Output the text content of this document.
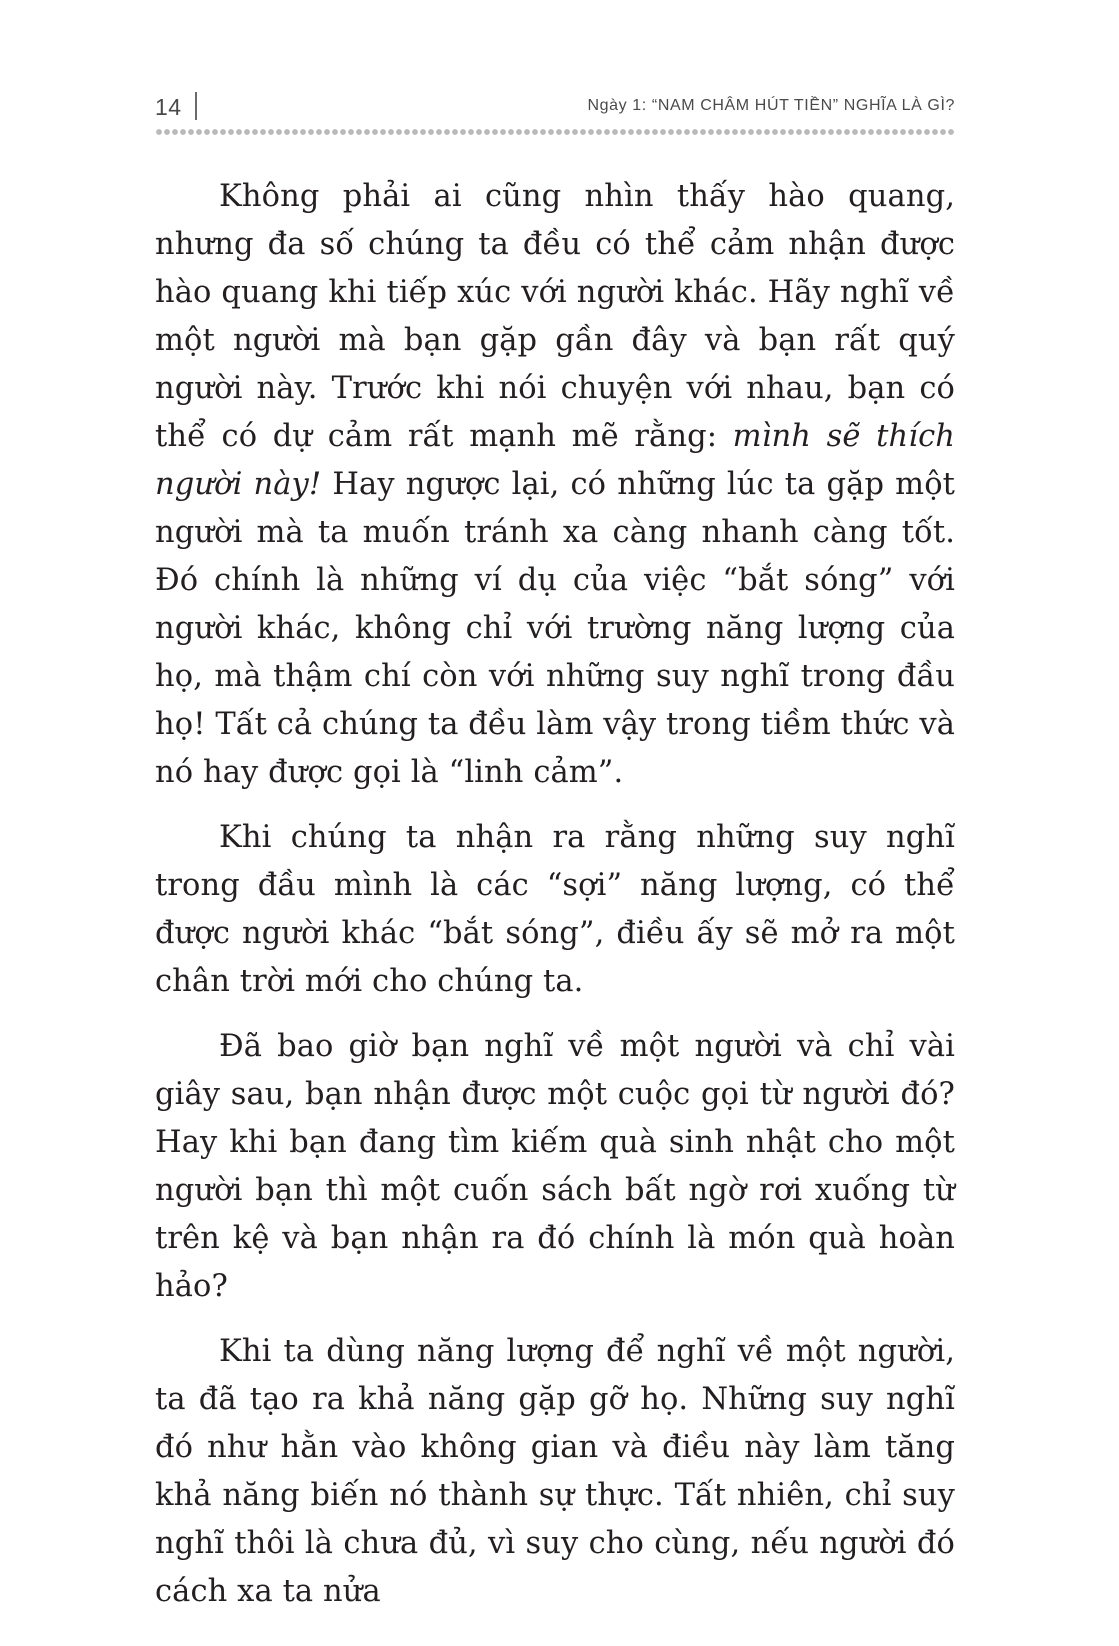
14	Ngày 1: “NAM CHÂM HÚT TIỀN” NGHĨA LÀ GÌ?

Không phải ai cũng nhìn thấy hào quang, nhưng đa số chúng ta đều có thể cảm nhận được hào quang khi tiếp xúc với người khác. Hãy nghĩ về một người mà bạn gặp gần đây và bạn rất quý người này. Trước khi nói chuyện với nhau, bạn có thể có dự cảm rất mạnh mẽ rằng: mình sẽ thích người này! Hay ngược lại, có những lúc ta gặp một người mà ta muốn tránh xa càng nhanh càng tốt. Đó chính là những ví dụ của việc “bắt sóng” với người khác, không chỉ với trường năng lượng của họ, mà thậm chí còn với những suy nghĩ trong đầu họ! Tất cả chúng ta đều làm vậy trong tiềm thức và nó hay được gọi là “linh cảm”.

Khi chúng ta nhận ra rằng những suy nghĩ trong đầu mình là các “sợi” năng lượng, có thể được người khác “bắt sóng”, điều ấy sẽ mở ra một chân trời mới cho chúng ta.

Đã bao giờ bạn nghĩ về một người và chỉ vài giây sau, bạn nhận được một cuộc gọi từ người đó? Hay khi bạn đang tìm kiếm quà sinh nhật cho một người bạn thì một cuốn sách bất ngờ rơi xuống từ trên kệ và bạn nhận ra đó chính là món quà hoàn hảo?

Khi ta dùng năng lượng để nghĩ về một người, ta đã tạo ra khả năng gặp gỡ họ. Những suy nghĩ đó như hằn vào không gian và điều này làm tăng khả năng biến nó thành sự thực. Tất nhiên, chỉ suy nghĩ thôi là chưa đủ, vì suy cho cùng, nếu người đó cách xa ta nửa
